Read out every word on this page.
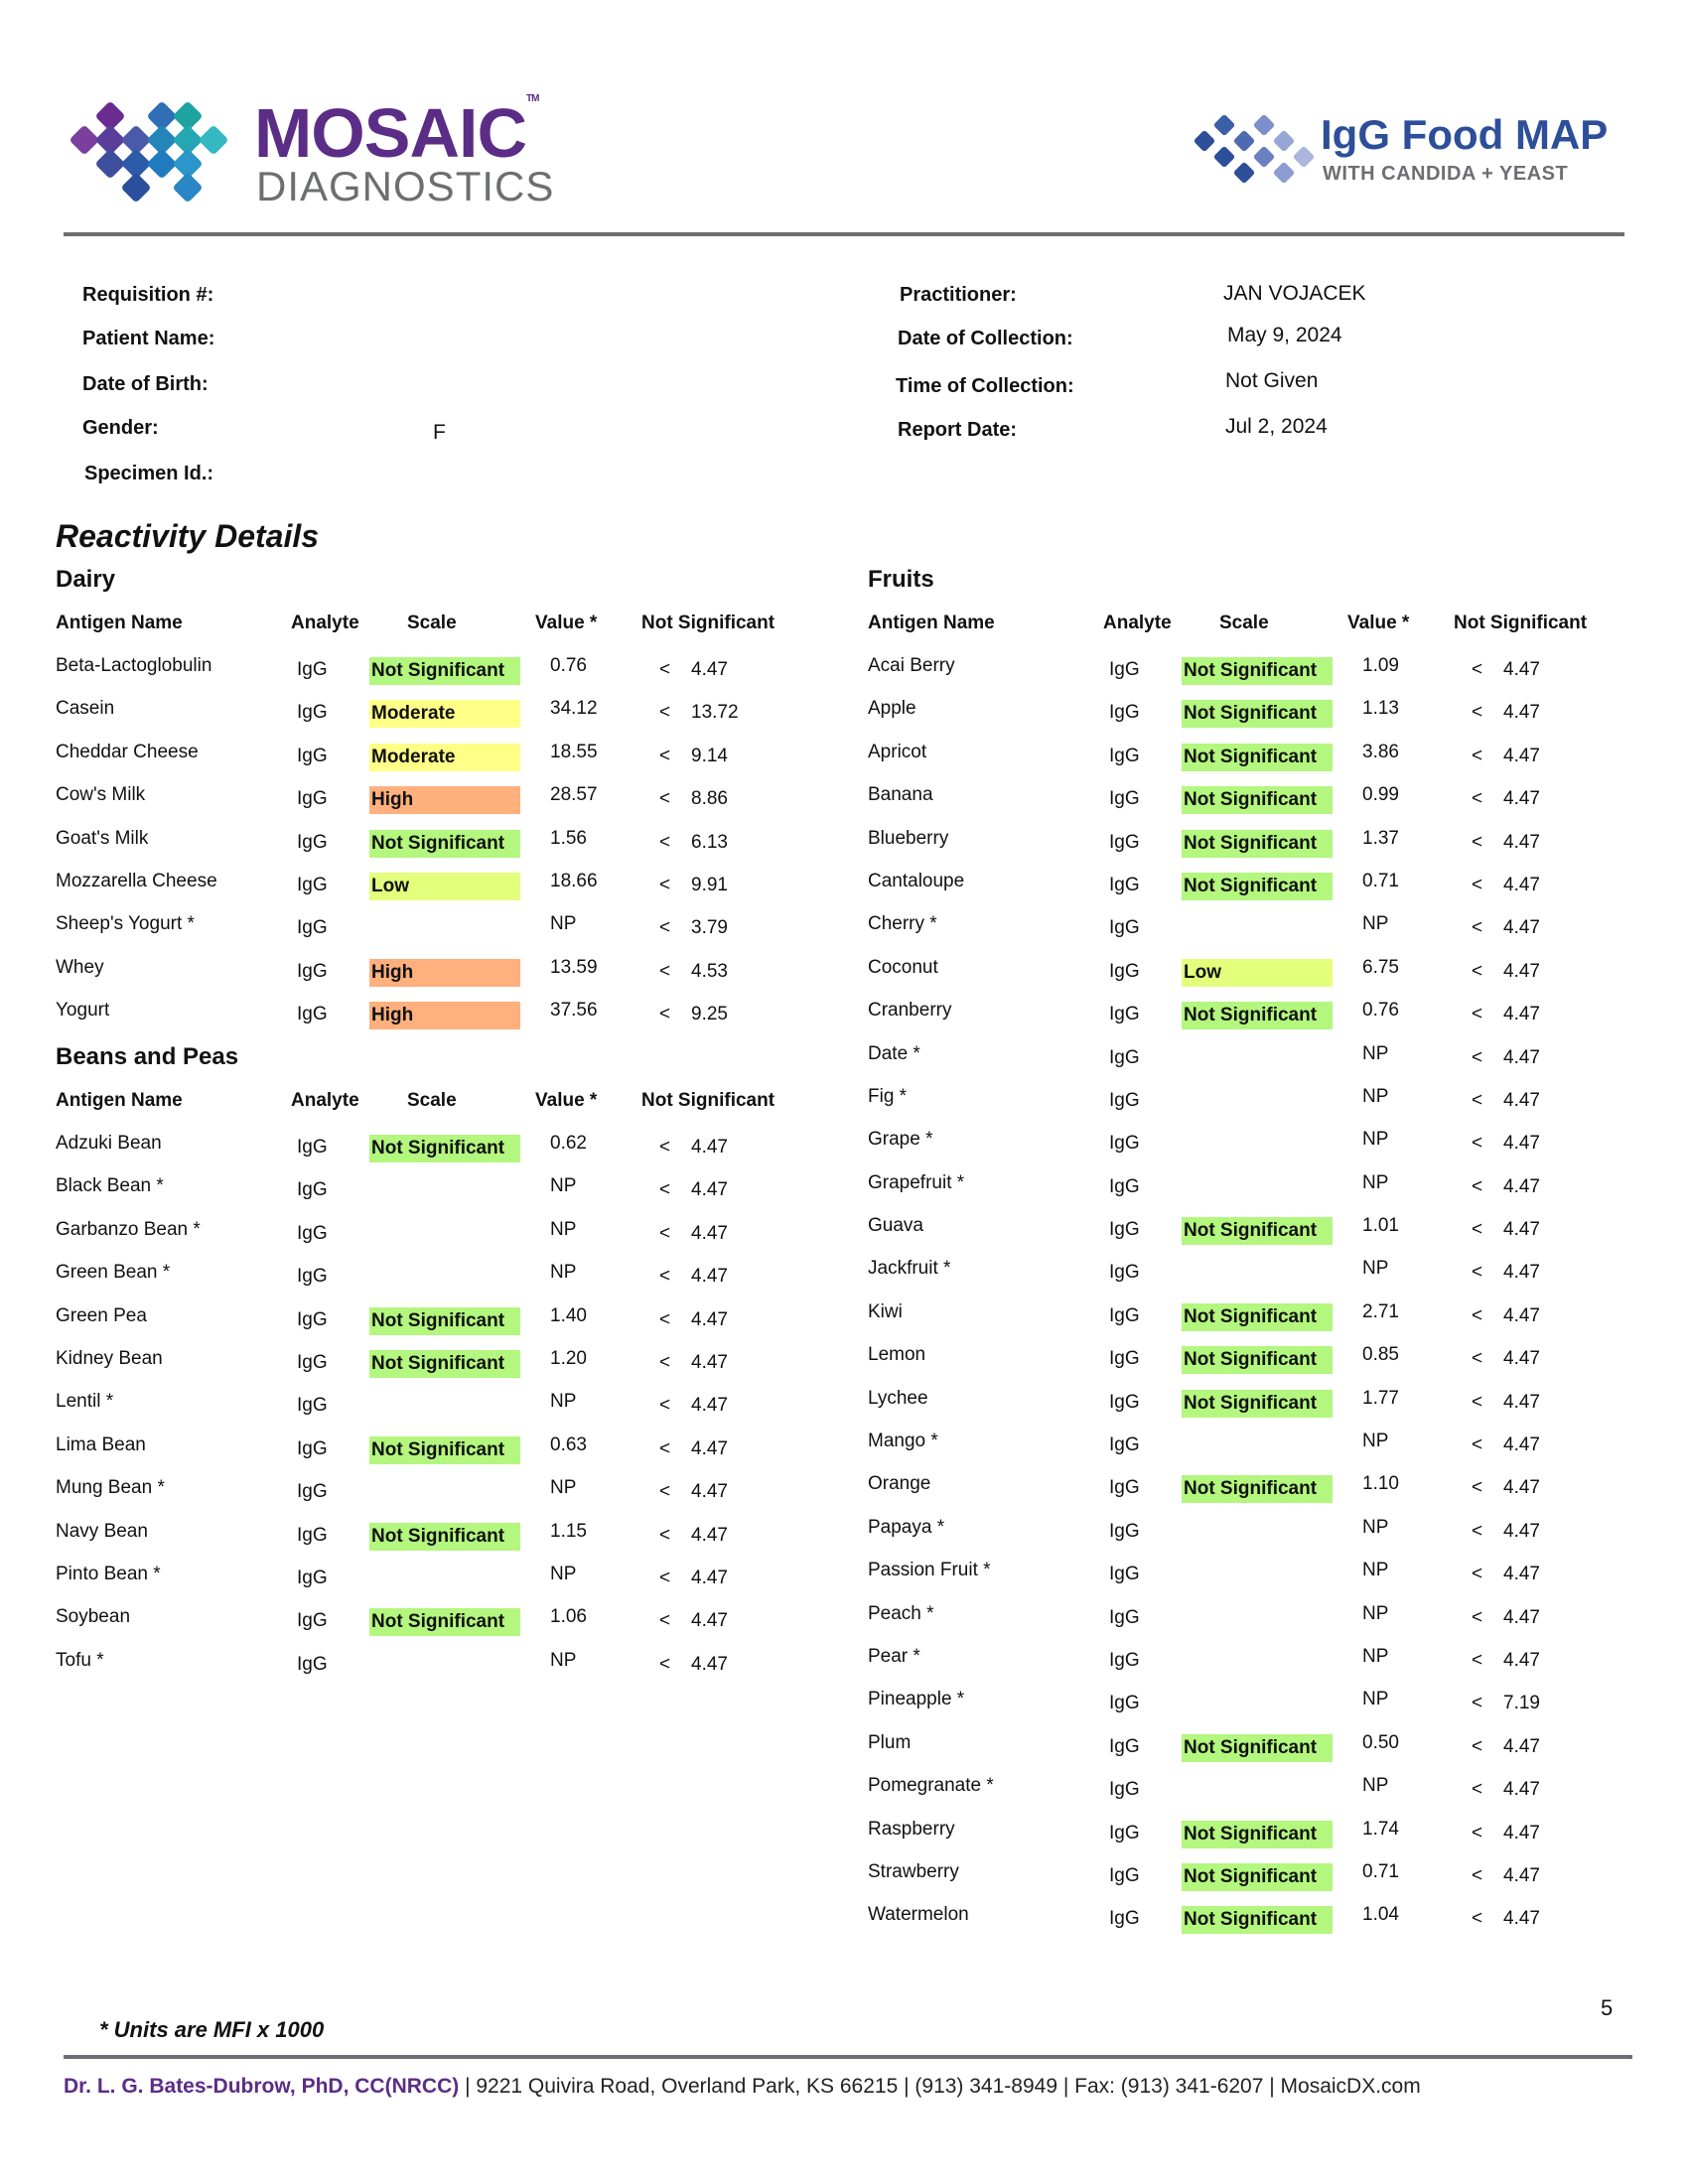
MOSAIC™
DIAGNOSTICS
IgG Food MAP
WITH CANDIDA + YEAST
Requisition #:
Patient Name:
Date of Birth:
Gender:	F
Specimen Id.:
Practitioner:	JAN VOJACEK
Date of Collection:	May 9, 2024
Time of Collection:	Not Given
Report Date:	Jul 2, 2024
Reactivity Details
Dairy
Antigen Name	Analyte	Scale	Value * Not Significant
Beta-Lactoglobulin	IgG Not Significant	0.76	< 4.47
Casein	IgG Moderate	34.12	< 13.72
Cheddar Cheese	IgG Moderate	18.55	< 9.14
Cow's Milk	IgG High	28.57	< 8.86
Goat's Milk	IgG Not Significant	1.56	< 6.13
Mozzarella Cheese	IgG Low	18.66	< 9.91
Sheep's Yogurt *	IgG	NP	< 3.79
Whey	IgG High	13.59	< 4.53
Yogurt	IgG High	37.56	< 9.25
Beans and Peas
Antigen Name	Analyte	Scale	Value * Not Significant
Adzuki Bean	IgG Not Significant	0.62	< 4.47
Black Bean *	IgG	NP	< 4.47
Garbanzo Bean *	IgG	NP	< 4.47
Green Bean *	IgG	NP	< 4.47
Green Pea	IgG Not Significant	1.40	< 4.47
Kidney Bean	IgG Not Significant	1.20	< 4.47
Lentil *	IgG	NP	< 4.47
Lima Bean	IgG Not Significant	0.63	< 4.47
Mung Bean *	IgG	NP	< 4.47
Navy Bean	IgG Not Significant	1.15	< 4.47
Pinto Bean *	IgG	NP	< 4.47
Soybean	IgG Not Significant	1.06	< 4.47
Tofu *	IgG	NP	< 4.47
Fruits
Antigen Name	Analyte	Scale	Value * Not Significant
Acai Berry	IgG Not Significant	1.09	< 4.47
Apple	IgG Not Significant	1.13	< 4.47
Apricot	IgG Not Significant	3.86	< 4.47
Banana	IgG Not Significant	0.99	< 4.47
Blueberry	IgG Not Significant	1.37	< 4.47
Cantaloupe	IgG Not Significant	0.71	< 4.47
Cherry *	IgG	NP	< 4.47
Coconut	IgG Low	6.75	< 4.47
Cranberry	IgG Not Significant	0.76	< 4.47
Date *	IgG	NP	< 4.47
Fig *	IgG	NP	< 4.47
Grape *	IgG	NP	< 4.47
Grapefruit *	IgG	NP	< 4.47
Guava	IgG Not Significant	1.01	< 4.47
Jackfruit *	IgG	NP	< 4.47
Kiwi	IgG Not Significant	2.71	< 4.47
Lemon	IgG Not Significant	0.85	< 4.47
Lychee	IgG Not Significant	1.77	< 4.47
Mango *	IgG	NP	< 4.47
Orange	IgG Not Significant	1.10	< 4.47
Papaya *	IgG	NP	< 4.47
Passion Fruit *	IgG	NP	< 4.47
Peach *	IgG	NP	< 4.47
Pear *	IgG	NP	< 4.47
Pineapple *	IgG	NP	< 7.19
Plum	IgG Not Significant	0.50	< 4.47
Pomegranate *	IgG	NP	< 4.47
Raspberry	IgG Not Significant	1.74	< 4.47
Strawberry	IgG Not Significant	0.71	< 4.47
Watermelon	IgG Not Significant	1.04	< 4.47
* Units are MFI x 1000
5
Dr. L. G. Bates-Dubrow, PhD, CC(NRCC) | 9221 Quivira Road, Overland Park, KS 66215 | (913) 341-8949 | Fax: (913) 341-6207 | MosaicDX.com
